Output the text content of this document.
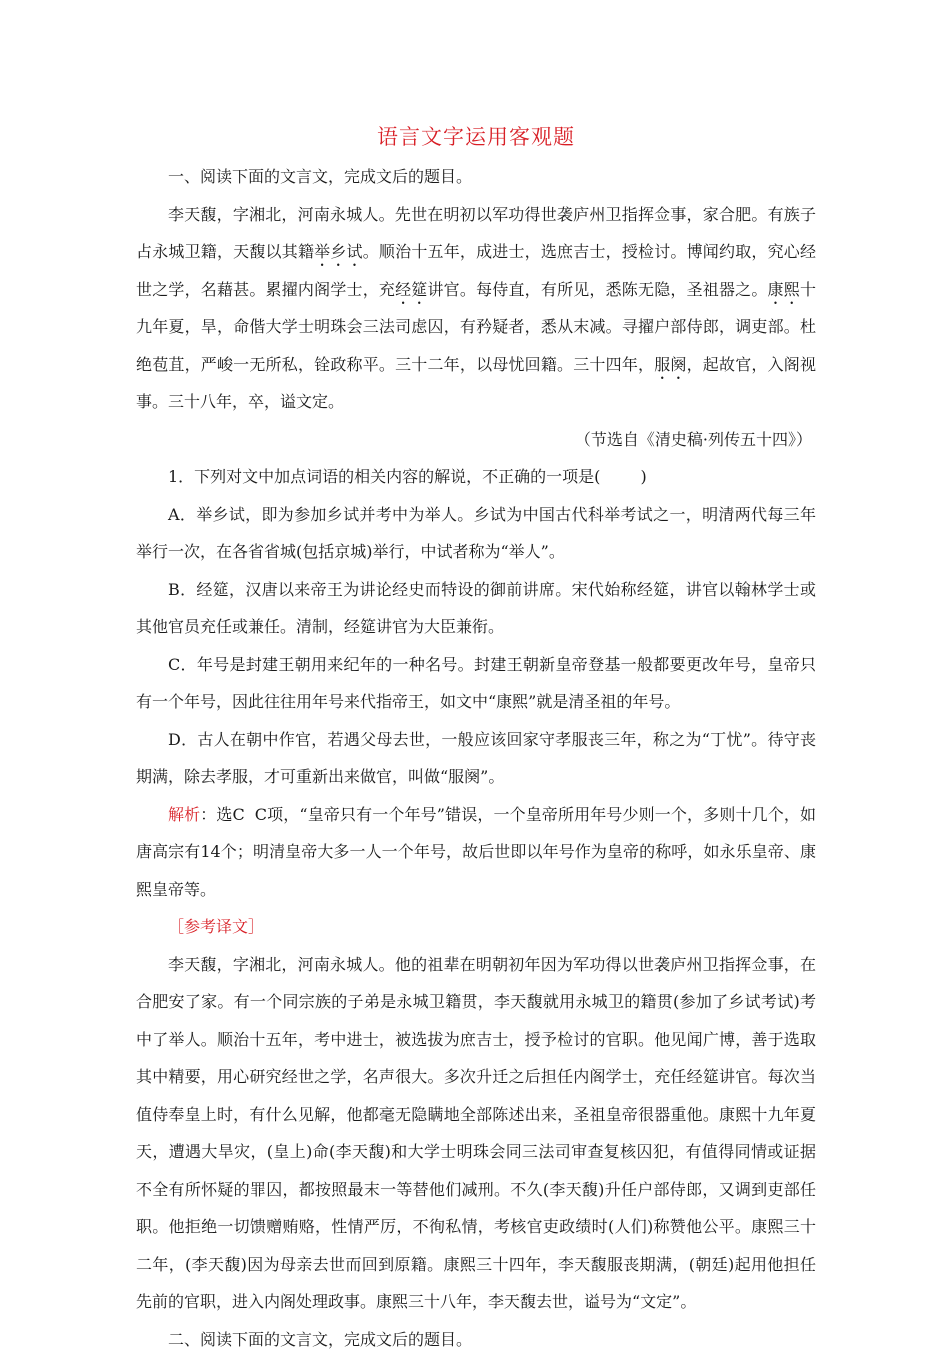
语言文字运用客观题

一、阅读下面的文言文，完成文后的题目。

李天馥，字湘北，河南永城人。先世在明初以军功得世袭庐州卫指挥佥事，家合肥。有族子占永城卫籍，天馥以其籍举乡试。顺治十五年，成进士，选庶吉士，授检讨。博闻约取，究心经世之学，名藉甚。累擢内阁学士，充经筵讲官。每侍直，有所见，悉陈无隐，圣祖器之。康熙十九年夏，旱，命偕大学士明珠会三法司虑囚，有矜疑者，悉从末减。寻擢户部侍郎，调吏部。杜绝苞苴，严峻一无所私，铨政称平。三十二年，以母忧回籍。三十四年，服阕，起故官，入阁视事。三十八年，卒，谥文定。

（节选自《清史稿·列传五十四》）

1．下列对文中加点词语的相关内容的解说，不正确的一项是(	)

A．举乡试，即为参加乡试并考中为举人。乡试为中国古代科举考试之一，明清两代每三年举行一次，在各省省城(包括京城)举行，中试者称为“举人”。

B．经筵，汉唐以来帝王为讲论经史而特设的御前讲席。宋代始称经筵，讲官以翰林学士或其他官员充任或兼任。清制，经筵讲官为大臣兼衔。

C．年号是封建王朝用来纪年的一种名号。封建王朝新皇帝登基一般都要更改年号，皇帝只有一个年号，因此往往用年号来代指帝王，如文中“康熙”就是清圣祖的年号。

D．古人在朝中作官，若遇父母去世，一般应该回家守孝服丧三年，称之为“丁忧”。待守丧期满，除去孝服，才可重新出来做官，叫做“服阕”。

解析：选C C项，“皇帝只有一个年号”错误，一个皇帝所用年号少则一个，多则十几个，如唐高宗有14个；明清皇帝大多一人一个年号，故后世即以年号作为皇帝的称呼，如永乐皇帝、康熙皇帝等。

［参考译文］

李天馥，字湘北，河南永城人。他的祖辈在明朝初年因为军功得以世袭庐州卫指挥佥事，在合肥安了家。有一个同宗族的子弟是永城卫籍贯，李天馥就用永城卫的籍贯(参加了乡试考试)考中了举人。顺治十五年，考中进士，被选拔为庶吉士，授予检讨的官职。他见闻广博，善于选取其中精要，用心研究经世之学，名声很大。多次升迁之后担任内阁学士，充任经筵讲官。每次当值侍奉皇上时，有什么见解，他都毫无隐瞒地全部陈述出来，圣祖皇帝很器重他。康熙十九年夏天，遭遇大旱灾，(皇上)命(李天馥)和大学士明珠会同三法司审查复核囚犯，有值得同情或证据不全有所怀疑的罪囚，都按照最末一等替他们减刑。不久(李天馥)升任户部侍郎，又调到吏部任职。他拒绝一切馈赠贿赂，性情严厉，不徇私情，考核官吏政绩时(人们)称赞他公平。康熙三十二年，(李天馥)因为母亲去世而回到原籍。康熙三十四年，李天馥服丧期满，(朝廷)起用他担任先前的官职，进入内阁处理政事。康熙三十八年，李天馥去世，谥号为“文定”。

二、阅读下面的文言文，完成文后的题目。
